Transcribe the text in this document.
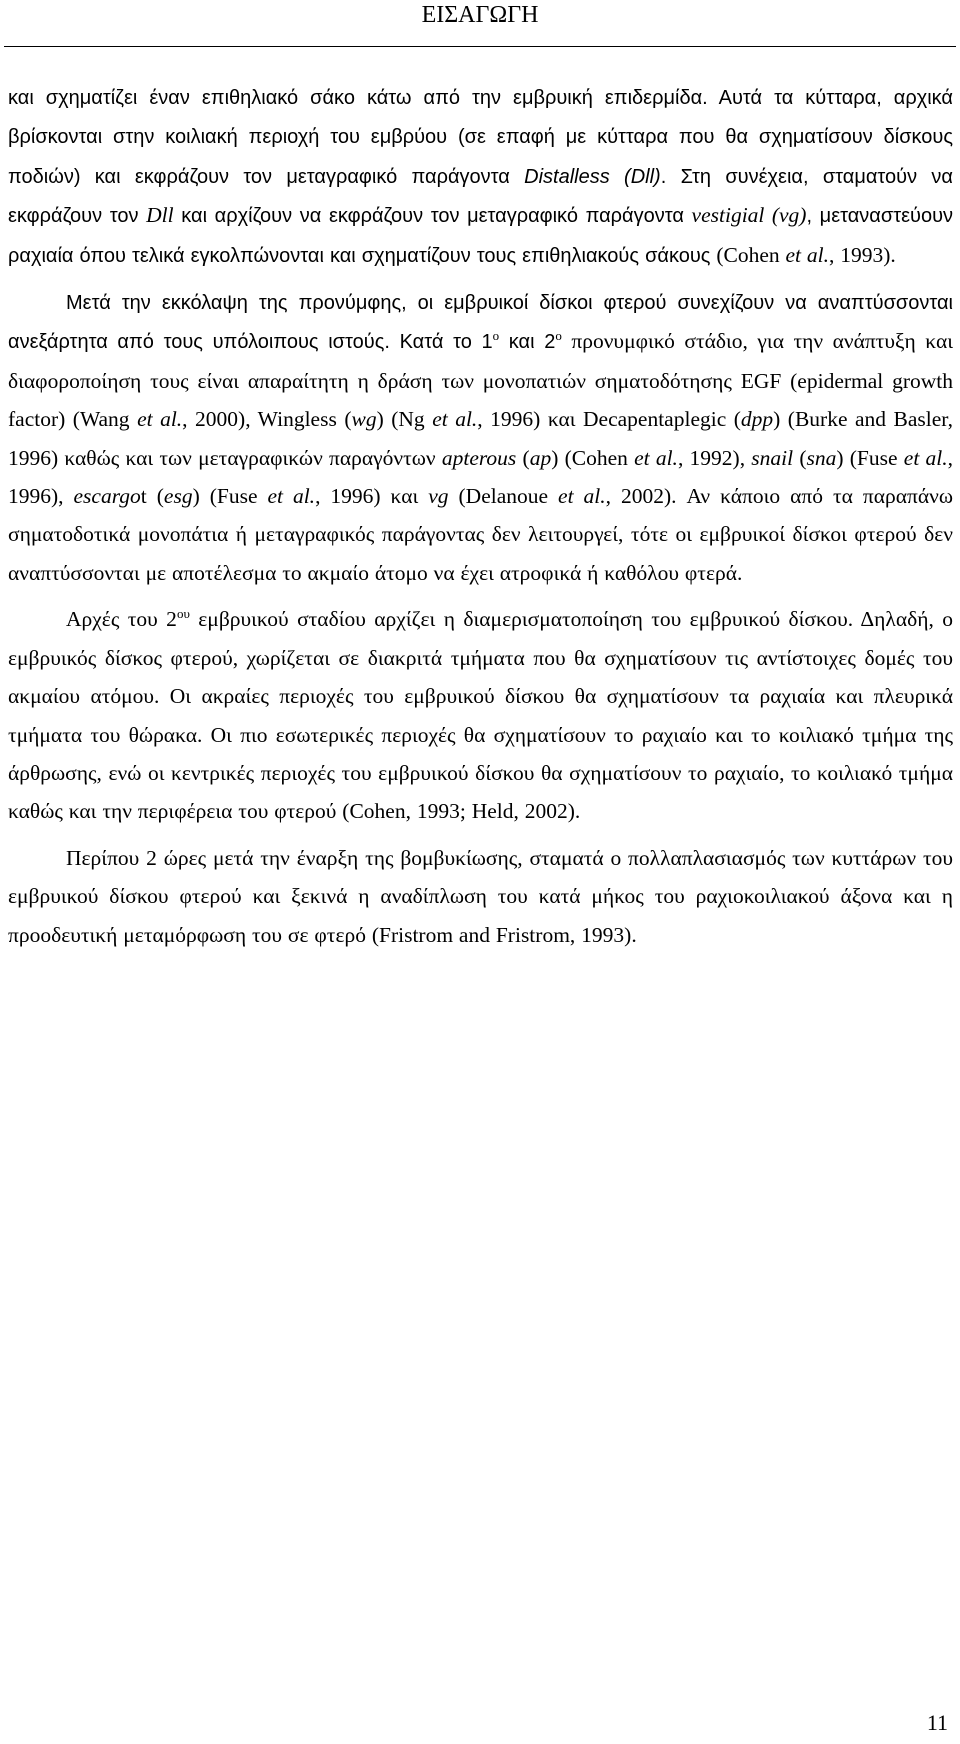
ΕΙΣΑΓΩΓΗ

και σχηματίζει έναν επιθηλιακό σάκο κάτω από την εμβρυική επιδερμίδα. Αυτά τα κύτταρα, αρχικά βρίσκονται στην κοιλιακή περιοχή του εμβρύου (σε επαφή με κύτταρα που θα σχηματίσουν δίσκους ποδιών) και εκφράζουν τον μεταγραφικό παράγοντα Distalless (Dll). Στη συνέχεια, σταματούν να εκφράζουν τον Dll και αρχίζουν να εκφράζουν τον μεταγραφικό παράγοντα vestigial (vg), μεταναστεύουν ραχιαία όπου τελικά εγκολπώνονται και σχηματίζουν τους επιθηλιακούς σάκους (Cohen et al., 1993).

Μετά την εκκόλαψη της προνύμφης, οι εμβρυικοί δίσκοι φτερού συνεχίζουν να αναπτύσσονται ανεξάρτητα από τους υπόλοιπους ιστούς. Κατά το $1^o$ και $2^o$ προνυμφικό στάδιο, για την ανάπτυξη και διαφοροποίηση τους είναι απαραίτητη η δράση των μονοπατιών σηματοδότησης EGF (epidermal growth factor) (Wang et al., 2000), Wingless (wg) (Ng et al., 1996) και Decapentaplegic (dpp) (Burke and Basler, 1996) καθώς και των μεταγραφικών παραγόντων apterous (ap) (Cohen et al., 1992), snail (sna) (Fuse et al., 1996), escargot (esg) (Fuse et al., 1996) και vg (Delanoue et al., 2002). Αν κάποιο από τα παραπάνω σηματοδοτικά μονοπάτια ή μεταγραφικός παράγοντας δεν λειτουργεί, τότε οι εμβρυικοί δίσκοι φτερού δεν αναπτύσσονται με αποτέλεσμα το ακμαίο άτομο να έχει ατροφικά ή καθόλου φτερά.

Αρχές του $2^{o\upsilon}$ εμβρυικού σταδίου αρχίζει η διαμερισματοποίηση του εμβρυικού δίσκου. Δηλαδή, ο εμβρυικός δίσκος φτερού, χωρίζεται σε διακριτά τμήματα που θα σχηματίσουν τις αντίστοιχες δομές του ακμαίου ατόμου. Οι ακραίες περιοχές του εμβρυικού δίσκου θα σχηματίσουν τα ραχιαία και πλευρικά τμήματα του θώρακα. Οι πιο εσωτερικές περιοχές θα σχηματίσουν το ραχιαίο και το κοιλιακό τμήμα της άρθρωσης, ενώ οι κεντρικές περιοχές του εμβρυικού δίσκου θα σχηματίσουν το ραχιαίο, το κοιλιακό τμήμα καθώς και την περιφέρεια του φτερού (Cohen, 1993; Held, 2002).

Περίπου 2 ώρες μετά την έναρξη της βομβυκίωσης, σταματά ο πολλαπλασιασμός των κυττάρων του εμβρυικού δίσκου φτερού και ξεκινά η αναδίπλωση του κατά μήκος του ραχιοκοιλιακού άξονα και η προοδευτική μεταμόρφωση του σε φτερό (Fristrom and Fristrom, 1993).

11
